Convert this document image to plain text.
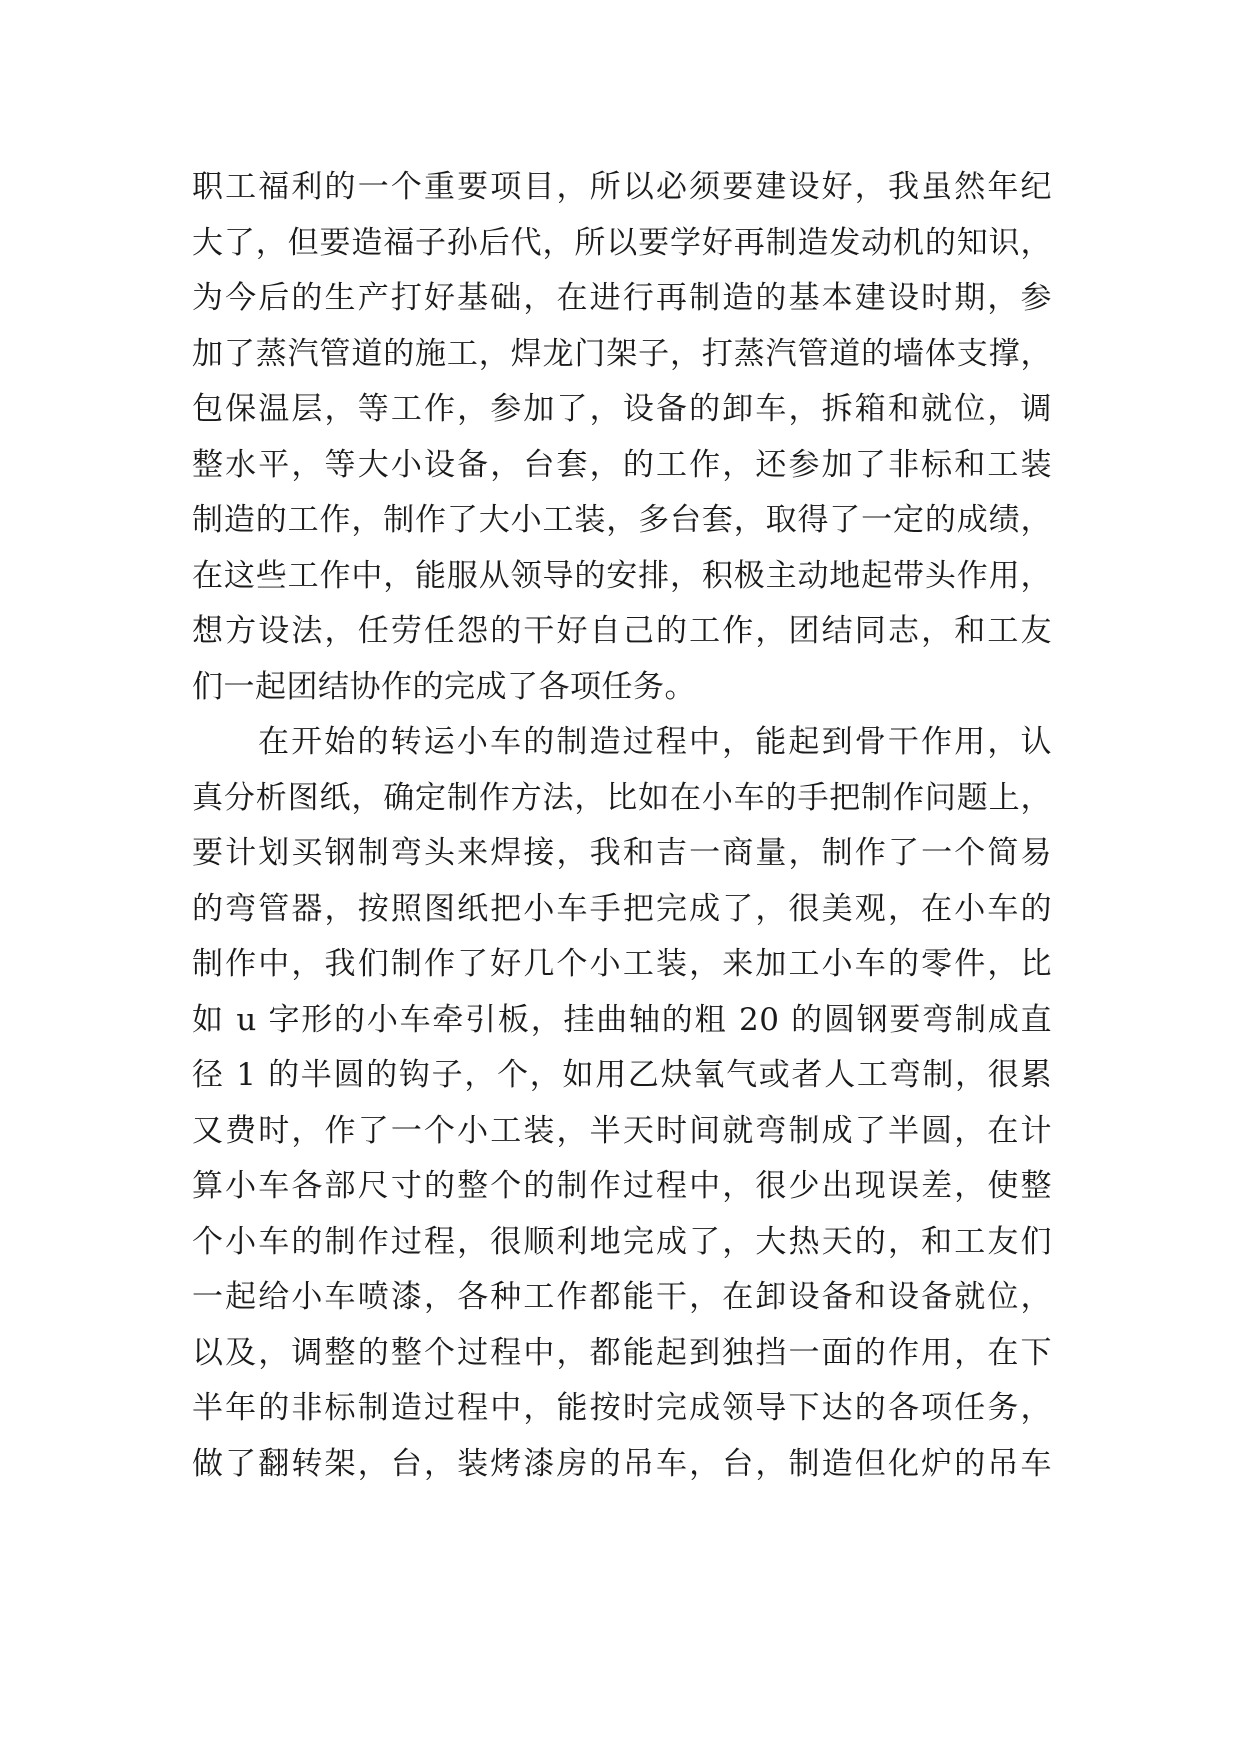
职工福利的一个重要项目，所以必须要建设好，我虽然年纪
大了，但要造福子孙后代，所以要学好再制造发动机的知识，
为今后的生产打好基础，在进行再制造的基本建设时期，参
加了蒸汽管道的施工，焊龙门架子，打蒸汽管道的墙体支撑，
包保温层，等工作，参加了，设备的卸车，拆箱和就位，调
整水平，等大小设备，台套，的工作，还参加了非标和工装
制造的工作，制作了大小工装，多台套，取得了一定的成绩，
在这些工作中，能服从领导的安排，积极主动地起带头作用，
想方设法，任劳任怨的干好自己的工作，团结同志，和工友
们一起团结协作的完成了各项任务。
在开始的转运小车的制造过程中，能起到骨干作用，认
真分析图纸，确定制作方法，比如在小车的手把制作问题上，
要计划买钢制弯头来焊接，我和吉一商量，制作了一个简易
的弯管器，按照图纸把小车手把完成了，很美观，在小车的
制作中，我们制作了好几个小工装，来加工小车的零件，比
如 u 字形的小车牵引板，挂曲轴的粗 20 的圆钢要弯制成直
径 1 的半圆的钩子，个，如用乙炔氧气或者人工弯制，很累
又费时，作了一个小工装，半天时间就弯制成了半圆，在计
算小车各部尺寸的整个的制作过程中，很少出现误差，使整
个小车的制作过程，很顺利地完成了，大热天的，和工友们
一起给小车喷漆，各种工作都能干，在卸设备和设备就位，
以及，调整的整个过程中，都能起到独挡一面的作用，在下
半年的非标制造过程中，能按时完成领导下达的各项任务，
做了翻转架，台，装烤漆房的吊车，台，制造但化炉的吊车
